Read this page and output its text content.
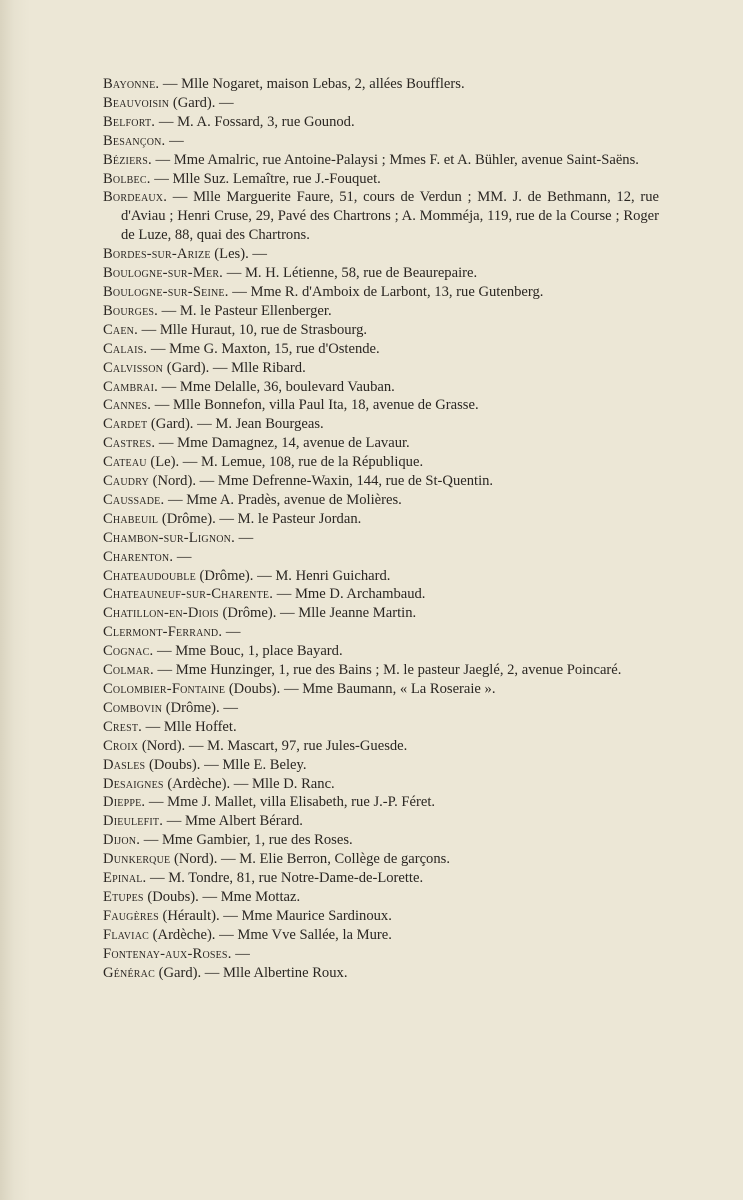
Bayonne. — Mlle Nogaret, maison Lebas, 2, allées Boufflers.

Beauvoisin (Gard). —

Belfort. — M. A. Fossard, 3, rue Gounod.

Besançon. —

Béziers. — Mme Amalric, rue Antoine-Palaysi ; Mmes F. et A. Bühler, avenue Saint-Saëns.

Bolbec. — Mlle Suz. Lemaître, rue J.-Fouquet.

Bordeaux. — Mlle Marguerite Faure, 51, cours de Verdun ; MM. J. de Bethmann, 12, rue d'Aviau ; Henri Cruse, 29, Pavé des Chartrons ; A. Momméja, 119, rue de la Course ; Roger de Luze, 88, quai des Chartrons.

Bordes-sur-Arize (Les). —

Boulogne-sur-Mer. — M. H. Létienne, 58, rue de Beaurepaire.

Boulogne-sur-Seine. — Mme R. d'Amboix de Larbont, 13, rue Gutenberg.

Bourges. — M. le Pasteur Ellenberger.

Caen. — Mlle Huraut, 10, rue de Strasbourg.

Calais. — Mme G. Maxton, 15, rue d'Ostende.

Calvisson (Gard). — Mlle Ribard.

Cambrai. — Mme Delalle, 36, boulevard Vauban.

Cannes. — Mlle Bonnefon, villa Paul Ita, 18, avenue de Grasse.

Cardet (Gard). — M. Jean Bourgeas.

Castres. — Mme Damagnez, 14, avenue de Lavaur.

Cateau (Le). — M. Lemue, 108, rue de la République.

Caudry (Nord). — Mme Defrenne-Waxin, 144, rue de St-Quentin.

Caussade. — Mme A. Pradès, avenue de Molières.

Chabeuil (Drôme). — M. le Pasteur Jordan.

Chambon-sur-Lignon. —

Charenton. —

Chateaudouble (Drôme). — M. Henri Guichard.

Chateauneuf-sur-Charente. — Mme D. Archambaud.

Chatillon-en-Diois (Drôme). — Mlle Jeanne Martin.

Clermont-Ferrand. —

Cognac. — Mme Bouc, 1, place Bayard.

Colmar. — Mme Hunzinger, 1, rue des Bains ; M. le pasteur Jaeglé, 2, avenue Poincaré.

Colombier-Fontaine (Doubs). — Mme Baumann, « La Roseraie ».

Combovin (Drôme). —

Crest. — Mlle Hoffet.

Croix (Nord). — M. Mascart, 97, rue Jules-Guesde.

Dasles (Doubs). — Mlle E. Beley.

Desaignes (Ardèche). — Mlle D. Ranc.

Dieppe. — Mme J. Mallet, villa Elisabeth, rue J.-P. Féret.

Dieulefit. — Mme Albert Bérard.

Dijon. — Mme Gambier, 1, rue des Roses.

Dunkerque (Nord). — M. Elie Berron, Collège de garçons.

Epinal. — M. Tondre, 81, rue Notre-Dame-de-Lorette.

Etupes (Doubs). — Mme Mottaz.

Faugères (Hérault). — Mme Maurice Sardinoux.

Flaviac (Ardèche). — Mme Vve Sallée, la Mure.

Fontenay-aux-Roses. —

Générac (Gard). — Mlle Albertine Roux.
